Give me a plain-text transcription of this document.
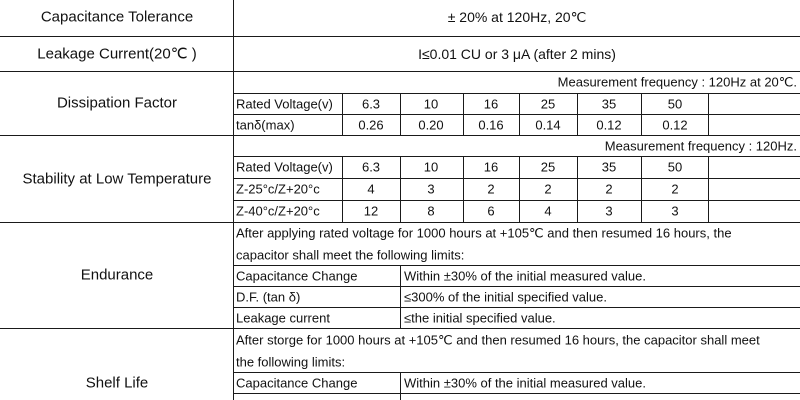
Capacitance Tolerance	± 20% at 120Hz, 20℃
Leakage Current(20℃ )	I≤0.01 CU or 3 μA (after 2 mins)
Dissipation Factor
Measurement frequency : 120Hz at 20℃.
Rated Voltage(v) 6.3	10	16	25	35	50
tanδ(max)	0.26	0.20	0.16 0.14	0.12	0.12
Stability at Low Temperature
Measurement frequency : 120Hz.
Rated Voltage(v) 6.3	10	16	25	35	50
Z-25°c/Z+20°c	4	3	2	2	2	2
Z-40°c/Z+20°c	12	8	6	4	3	3
Endurance
After applying rated voltage for 1000 hours at +105℃ and then resumed 16 hours, the
capacitor shall meet the following limits:
Capacitance Change	Within ±30% of the initial measured value.
D.F. (tan δ)	≤300% of the initial specified value.
Leakage current	≤the initial specified value.
Shelf Life
After storge for 1000 hours at +105℃ and then resumed 16 hours, the capacitor shall meet
the following limits:
Capacitance Change	Within ±30% of the initial measured value.
